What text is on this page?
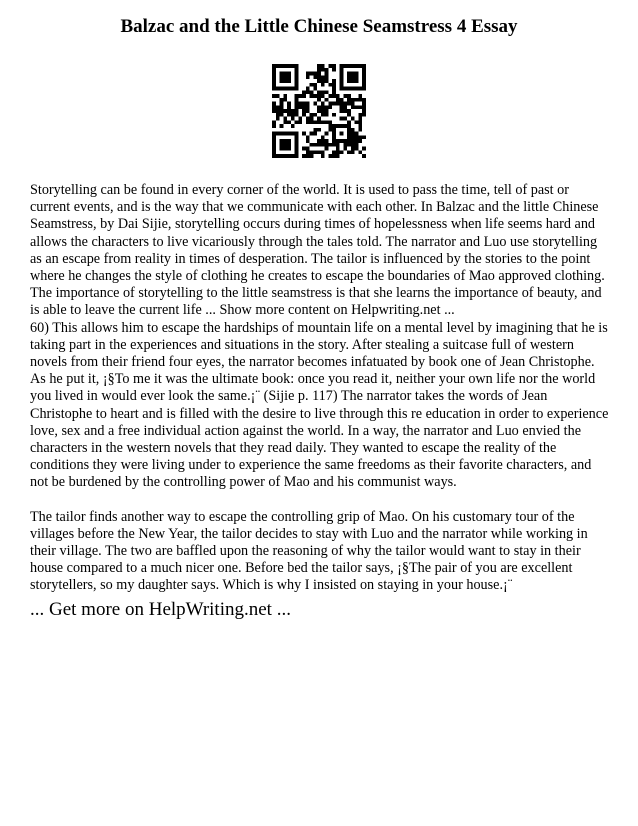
Balzac and the Little Chinese Seamstress 4 Essay

Storytelling can be found in every corner of the world. It is used to pass the time, tell of past or current events, and is the way that we communicate with each other. In Balzac and the little Chinese Seamstress, by Dai Sijie, storytelling occurs during times of hopelessness when life seems hard and allows the characters to live vicariously through the tales told. The narrator and Luo use storytelling as an escape from reality in times of desperation. The tailor is influenced by the stories to the point where he changes the style of clothing he creates to escape the boundaries of Mao approved clothing. The importance of storytelling to the little seamstress is that she learns the importance of beauty, and is able to leave the current life ... Show more content on Helpwriting.net ...

60) This allows him to escape the hardships of mountain life on a mental level by imagining that he is taking part in the experiences and situations in the story. After stealing a suitcase full of western novels from their friend four eyes, the narrator becomes infatuated by book one of Jean Christophe. As he put it, ¡§To me it was the ultimate book: once you read it, neither your own life nor the world you lived in would ever look the same.¡¨ (Sijie p. 117) The narrator takes the words of Jean Christophe to heart and is filled with the desire to live through this re education in order to experience love, sex and a free individual action against the world. In a way, the narrator and Luo envied the characters in the western novels that they read daily. They wanted to escape the reality of the conditions they were living under to experience the same freedoms as their favorite characters, and not be burdened by the controlling power of Mao and his communist ways.

The tailor finds another way to escape the controlling grip of Mao. On his customary tour of the villages before the New Year, the tailor decides to stay with Luo and the narrator while working in their village. The two are baffled upon the reasoning of why the tailor would want to stay in their house compared to a much nicer one. Before bed the tailor says, ¡§The pair of you are excellent storytellers, so my daughter says. Which is why I insisted on staying in your house.¡¨

... Get more on HelpWriting.net ...
